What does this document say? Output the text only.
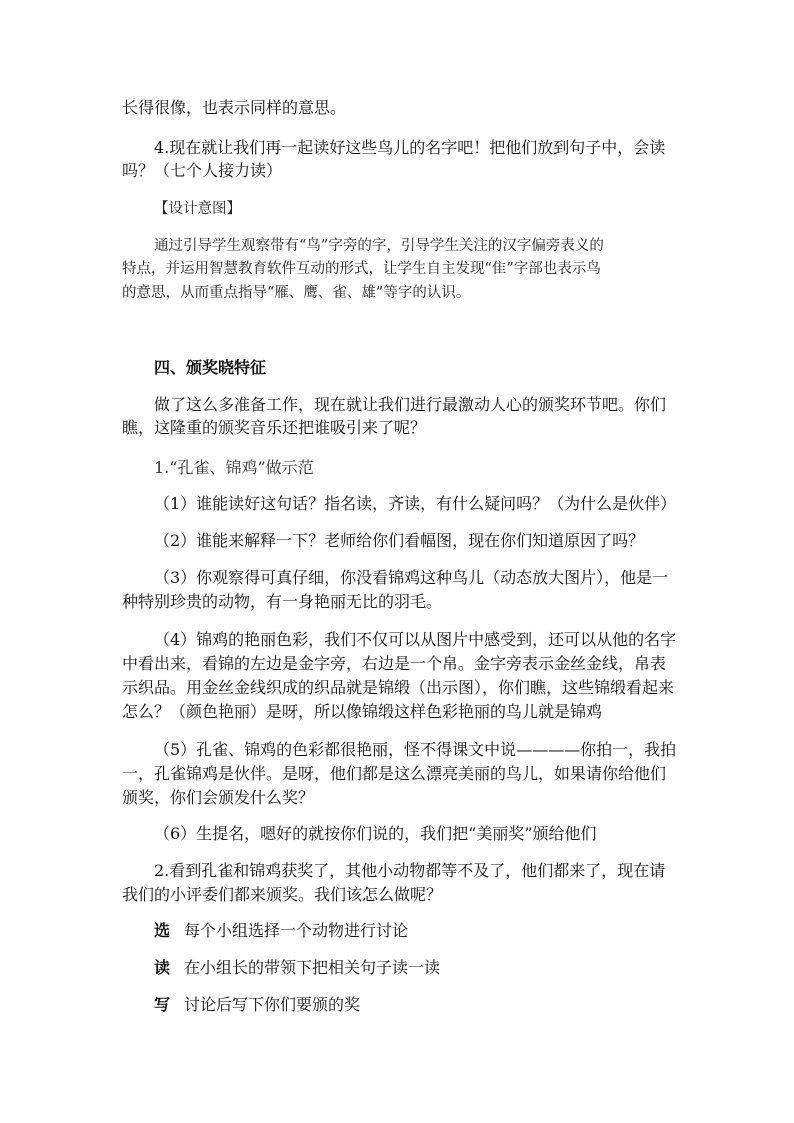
长得很像，也表示同样的意思。
4.现在就让我们再一起读好这些鸟儿的名字吧！把他们放到句子中，会读
吗？（七个人接力读）
【设计意图】
通过引导学生观察带有“鸟”字旁的字，引导学生关注的汉字偏旁表义的
特点，并运用智慧教育软件互动的形式，让学生自主发现“隹”字部也表示鸟
的意思，从而重点指导“雁、鹰、雀、雄”等字的认识。
四、颁奖晓特征
做了这么多准备工作，现在就让我们进行最激动人心的颁奖环节吧。你们
瞧，这隆重的颁奖音乐还把谁吸引来了呢？
1.“孔雀、锦鸡”做示范
（1）谁能读好这句话？指名读，齐读，有什么疑问吗？（为什么是伙伴）
（2）谁能来解释一下？老师给你们看幅图，现在你们知道原因了吗？
（3）你观察得可真仔细，你没看锦鸡这种鸟儿（动态放大图片），他是一
种特别珍贵的动物，有一身艳丽无比的羽毛。
（4）锦鸡的艳丽色彩，我们不仅可以从图片中感受到，还可以从他的名字
中看出来，看锦的左边是金字旁，右边是一个帛。金字旁表示金丝金线，帛表
示织品。用金丝金线织成的织品就是锦缎（出示图），你们瞧，这些锦缎看起来
怎么？（颜色艳丽）是呀，所以像锦缎这样色彩艳丽的鸟儿就是锦鸡
（5）孔雀、锦鸡的色彩都很艳丽，怪不得课文中说————你拍一，我拍
一，孔雀锦鸡是伙伴。是呀，他们都是这么漂亮美丽的鸟儿，如果请你给他们
颁奖，你们会颁发什么奖？
（6）生提名，嗯好的就按你们说的，我们把“美丽奖”颁给他们
2.看到孔雀和锦鸡获奖了，其他小动物都等不及了，他们都来了，现在请
我们的小评委们都来颁奖。我们该怎么做呢？
选 每个小组选择一个动物进行讨论
读 在小组长的带领下把相关句子读一读
写 讨论后写下你们要颁的奖
